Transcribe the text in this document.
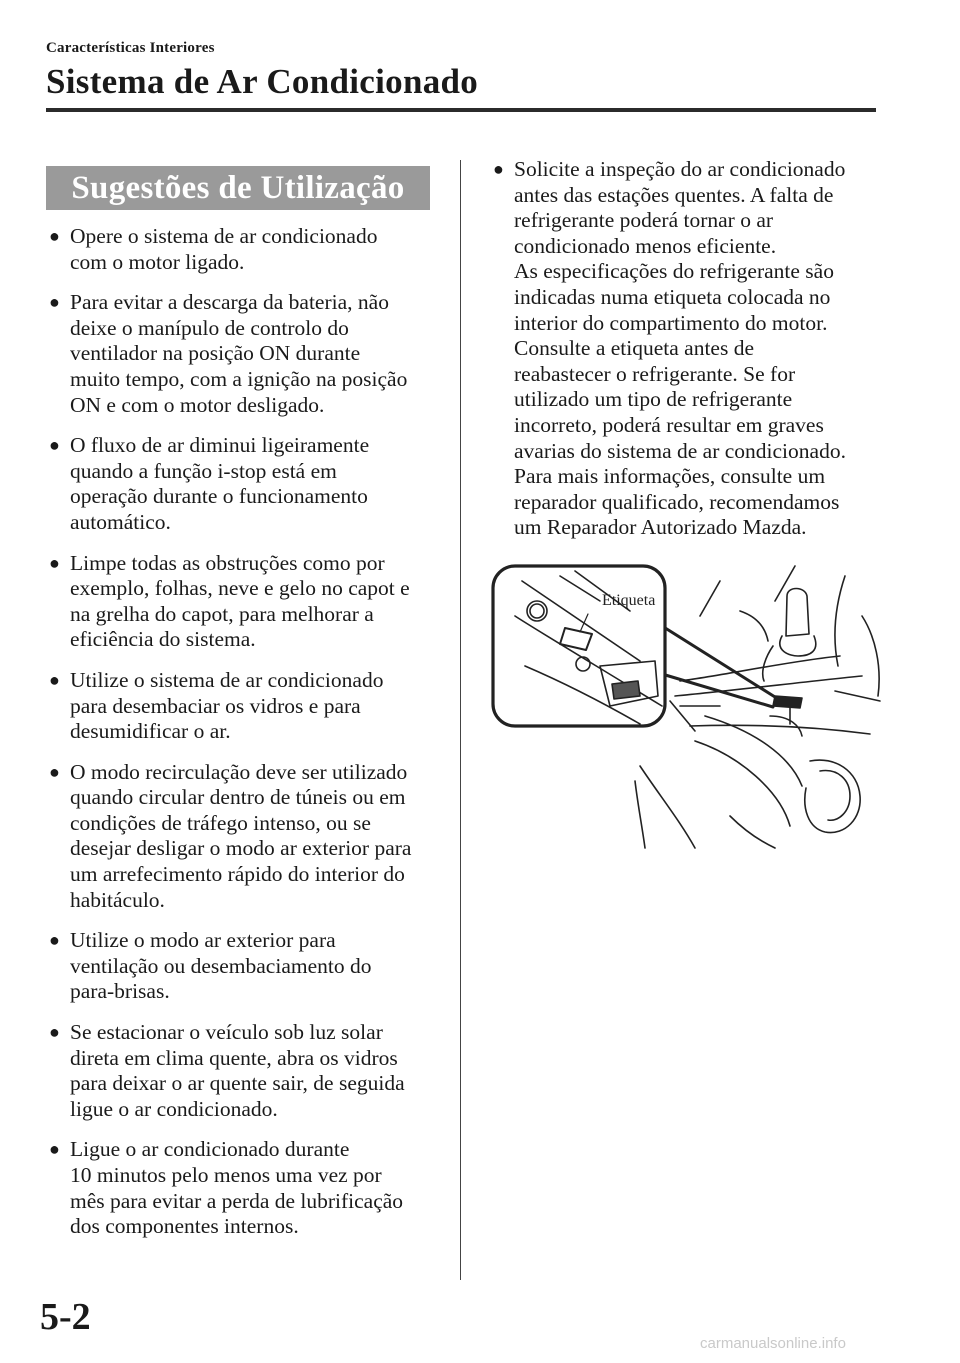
Características Interiores
Sistema de Ar Condicionado
Sugestões de Utilização
● Opere o sistema de ar condicionado
com o motor ligado.
● Para evitar a descarga da bateria, não
deixe o manípulo de controlo do
ventilador na posição ON durante
muito tempo, com a ignição na posição
ON e com o motor desligado.
● O fluxo de ar diminui ligeiramente
quando a função i-stop está em
operação durante o funcionamento
automático.
● Limpe todas as obstruções como por
exemplo, folhas, neve e gelo no capot e
na grelha do capot, para melhorar a
eficiência do sistema.
● Utilize o sistema de ar condicionado
para desembaciar os vidros e para
desumidificar o ar.
● O modo recirculação deve ser utilizado
quando circular dentro de túneis ou em
condições de tráfego intenso, ou se
desejar desligar o modo ar exterior para
um arrefecimento rápido do interior do
habitáculo.
● Utilize o modo ar exterior para
ventilação ou desembaciamento do
para-brisas.
● Se estacionar o veículo sob luz solar
direta em clima quente, abra os vidros
para deixar o ar quente sair, de seguida
ligue o ar condicionado.
● Ligue o ar condicionado durante
10 minutos pelo menos uma vez por
mês para evitar a perda de lubrificação
dos componentes internos.
● Solicite a inspeção do ar condicionado
antes das estações quentes. A falta de
refrigerante poderá tornar o ar
condicionado menos eficiente.
As especificações do refrigerante são
indicadas numa etiqueta colocada no
interior do compartimento do motor.
Consulte a etiqueta antes de
reabastecer o refrigerante. Se for
utilizado um tipo de refrigerante
incorreto, poderá resultar em graves
avarias do sistema de ar condicionado.
Para mais informações, consulte um
reparador qualificado, recomendamos
um Reparador Autorizado Mazda.
Etiqueta
5-2
carmanualsonline.info
